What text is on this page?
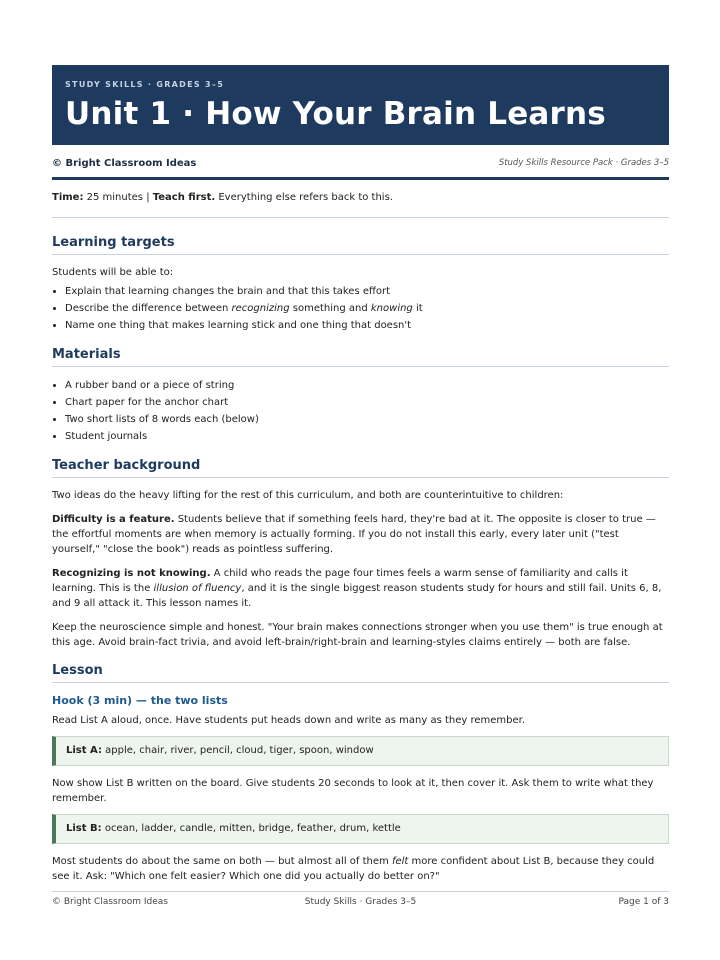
STUDY SKILLS · GRADES 3–5
Unit 1 · How Your Brain Learns
© Bright Classroom Ideas	Study Skills Resource Pack · Grades 3–5

Time: 25 minutes | Teach first. Everything else refers back to this.

Learning targets

Students will be able to:

• Explain that learning changes the brain and that this takes effort
• Describe the difference between recognizing something and knowing it
• Name one thing that makes learning stick and one thing that doesn't
Materials
• A rubber band or a piece of string
• Chart paper for the anchor chart
• Two short lists of 8 words each (below)
• Student journals
Teacher background

Two ideas do the heavy lifting for the rest of this curriculum, and both are counterintuitive to children:

Difficulty is a feature. Students believe that if something feels hard, they're bad at it. The opposite is closer to true — the effortful moments are when memory is actually forming. If you do not install this early, every later unit ("test yourself," "close the book") reads as pointless suffering.

Recognizing is not knowing. A child who reads the page four times feels a warm sense of familiarity and calls it learning. This is the illusion of fluency, and it is the single biggest reason students study for hours and still fail. Units 6, 8, and 9 all attack it. This lesson names it.

Keep the neuroscience simple and honest. "Your brain makes connections stronger when you use them" is true enough at this age. Avoid brain-fact trivia, and avoid left-brain/right-brain and learning-styles claims entirely — both are false.

Lesson
Hook (3 min) — the two lists

Read List A aloud, once. Have students put heads down and write as many as they remember.

List A: apple, chair, river, pencil, cloud, tiger, spoon, window

Now show List B written on the board. Give students 20 seconds to look at it, then cover it. Ask them to write what they remember.

List B: ocean, ladder, candle, mitten, bridge, feather, drum, kettle

Most students do about the same on both — but almost all of them felt more confident about List B, because they could see it. Ask: "Which one felt easier? Which one did you actually do better on?"

© Bright Classroom Ideas	Study Skills · Grades 3–5	Page 1 of 3
